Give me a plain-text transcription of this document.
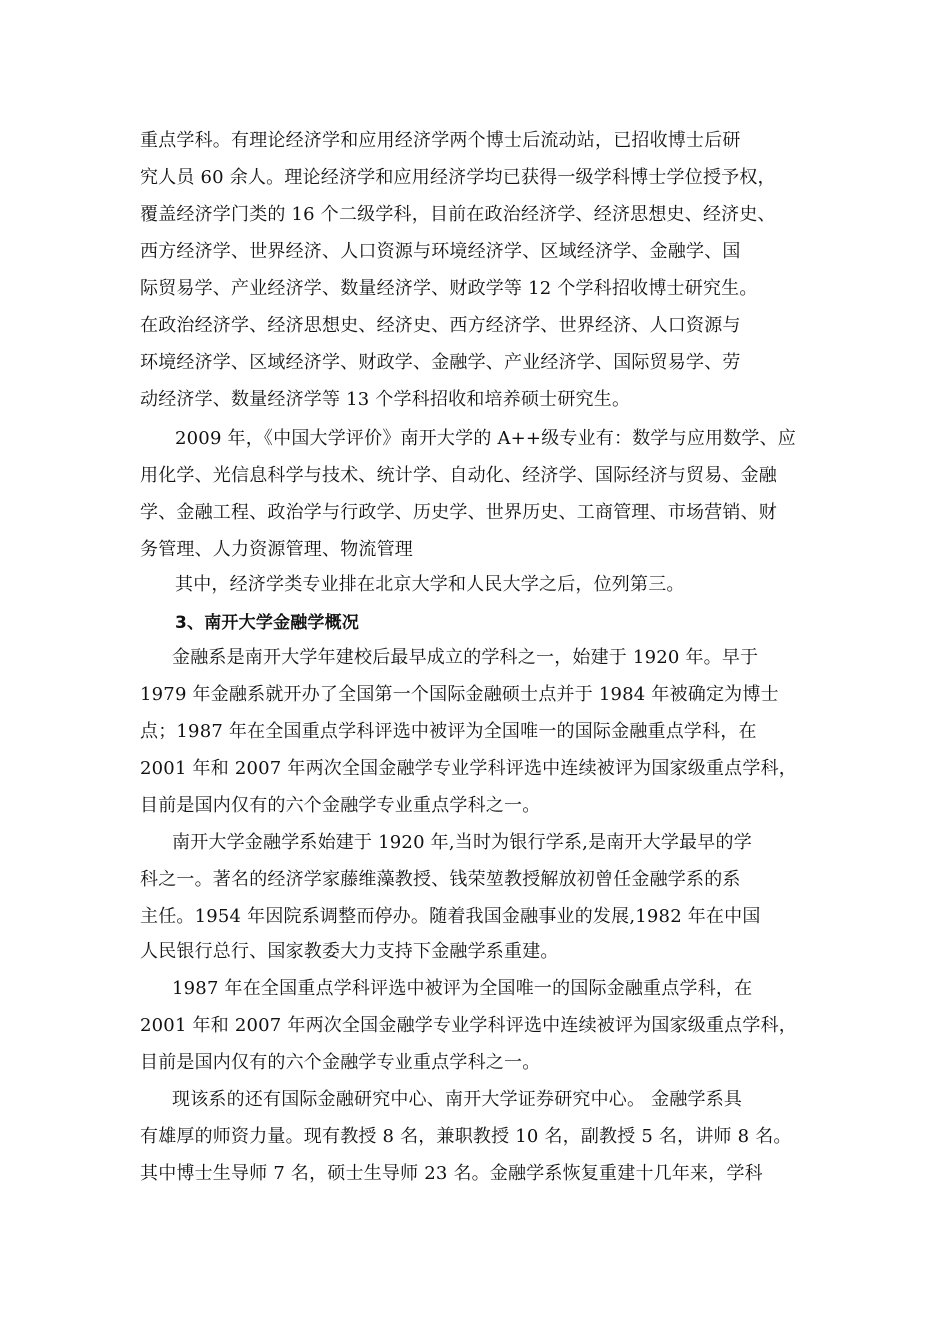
重点学科。有理论经济学和应用经济学两个博士后流动站，已招收博士后研
究人员 60 余人。理论经济学和应用经济学均已获得一级学科博士学位授予权，
覆盖经济学门类的 16 个二级学科，目前在政治经济学、经济思想史、经济史、
西方经济学、世界经济、人口资源与环境经济学、区域经济学、金融学、国
际贸易学、产业经济学、数量经济学、财政学等 12 个学科招收博士研究生。
在政治经济学、经济思想史、经济史、西方经济学、世界经济、人口资源与
环境经济学、区域经济学、财政学、金融学、产业经济学、国际贸易学、劳
动经济学、数量经济学等 13 个学科招收和培养硕士研究生。
2009 年，《中国大学评价》南开大学的 A++级专业有：数学与应用数学、应
用化学、光信息科学与技术、统计学、自动化、经济学、国际经济与贸易、金融
学、金融工程、政治学与行政学、历史学、世界历史、工商管理、市场营销、财
务管理、人力资源管理、物流管理
其中，经济学类专业排在北京大学和人民大学之后，位列第三。
3、南开大学金融学概况
金融系是南开大学年建校后最早成立的学科之一，始建于 1920 年。早于
1979 年金融系就开办了全国第一个国际金融硕士点并于 1984 年被确定为博士
点；1987 年在全国重点学科评选中被评为全国唯一的国际金融重点学科，在
2001 年和 2007 年两次全国金融学专业学科评选中连续被评为国家级重点学科，
目前是国内仅有的六个金融学专业重点学科之一。
南开大学金融学系始建于 1920 年,当时为银行学系,是南开大学最早的学
科之一。著名的经济学家藤维藻教授、钱荣堃教授解放初曾任金融学系的系
主任。1954 年因院系调整而停办。随着我国金融事业的发展,1982 年在中国
人民银行总行、国家教委大力支持下金融学系重建。
1987 年在全国重点学科评选中被评为全国唯一的国际金融重点学科，在
2001 年和 2007 年两次全国金融学专业学科评选中连续被评为国家级重点学科，
目前是国内仅有的六个金融学专业重点学科之一。
现该系的还有国际金融研究中心、南开大学证券研究中心。 金融学系具
有雄厚的师资力量。现有教授 8 名，兼职教授 10 名，副教授 5 名，讲师 8 名。
其中博士生导师 7 名，硕士生导师 23 名。金融学系恢复重建十几年来，学科
